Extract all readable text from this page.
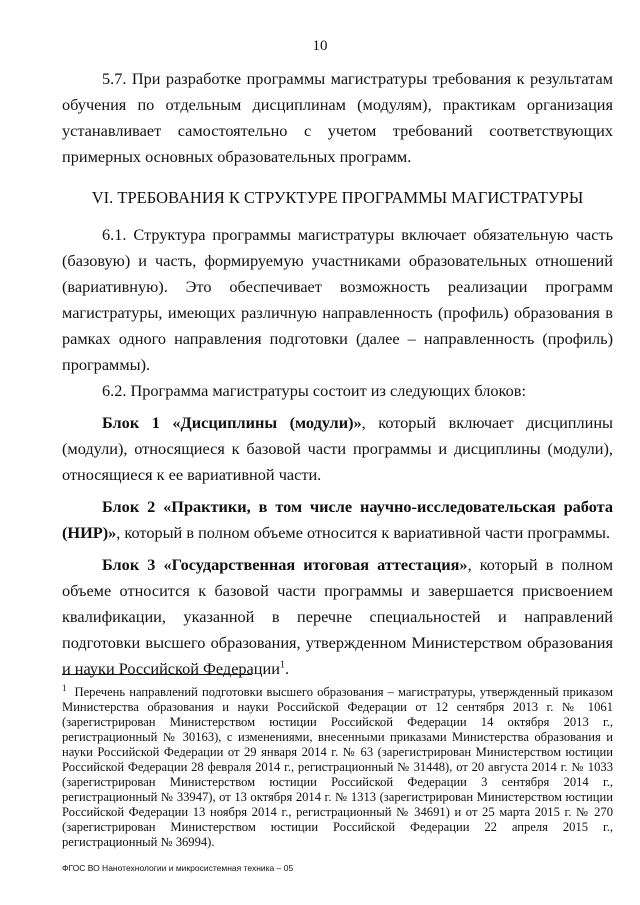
10

5.7. При разработке программы магистратуры требования к результатам обучения по отдельным дисциплинам (модулям), практикам организация устанавливает самостоятельно с учетом требований соответствующих примерных основных образовательных программ.

VI. ТРЕБОВАНИЯ К СТРУКТУРЕ ПРОГРАММЫ МАГИСТРАТУРЫ

6.1. Структура программы магистратуры включает обязательную часть (базовую) и часть, формируемую участниками образовательных отношений (вариативную). Это обеспечивает возможность реализации программ магистратуры, имеющих различную направленность (профиль) образования в рамках одного направления подготовки (далее – направленность (профиль) программы).

6.2. Программа магистратуры состоит из следующих блоков:

Блок 1 «Дисциплины (модули)», который включает дисциплины (модули), относящиеся к базовой части программы и дисциплины (модули), относящиеся к ее вариативной части.

Блок 2 «Практики, в том числе научно-исследовательская работа (НИР)», который в полном объеме относится к вариативной части программы.

Блок 3 «Государственная итоговая аттестация», который в полном объеме относится к базовой части программы и завершается присвоением квалификации, указанной в перечне специальностей и направлений подготовки высшего образования, утвержденном Министерством образования и науки Российской Федерации$^1$.

$^1$ Перечень направлений подготовки высшего образования – магистратуры, утвержденный приказом Министерства образования и науки Российской Федерации от 12 сентября 2013 г. № 1061 (зарегистрирован Министерством юстиции Российской Федерации 14 октября 2013 г., регистрационный № 30163), с изменениями, внесенными приказами Министерства образования и науки Российской Федерации от 29 января 2014 г. № 63 (зарегистрирован Министерством юстиции Российской Федерации 28 февраля 2014 г., регистрационный № 31448), от 20 августа 2014 г. № 1033 (зарегистрирован Министерством юстиции Российской Федерации 3 сентября 2014 г., регистрационный № 33947), от 13 октября 2014 г. № 1313 (зарегистрирован Министерством юстиции Российской Федерации 13 ноября 2014 г., регистрационный № 34691) и от 25 марта 2015 г. № 270 (зарегистрирован Министерством юстиции Российской Федерации 22 апреля 2015 г., регистрационный № 36994).

ФГОС ВО Нанотехнологии и микросистемная техника – 05
